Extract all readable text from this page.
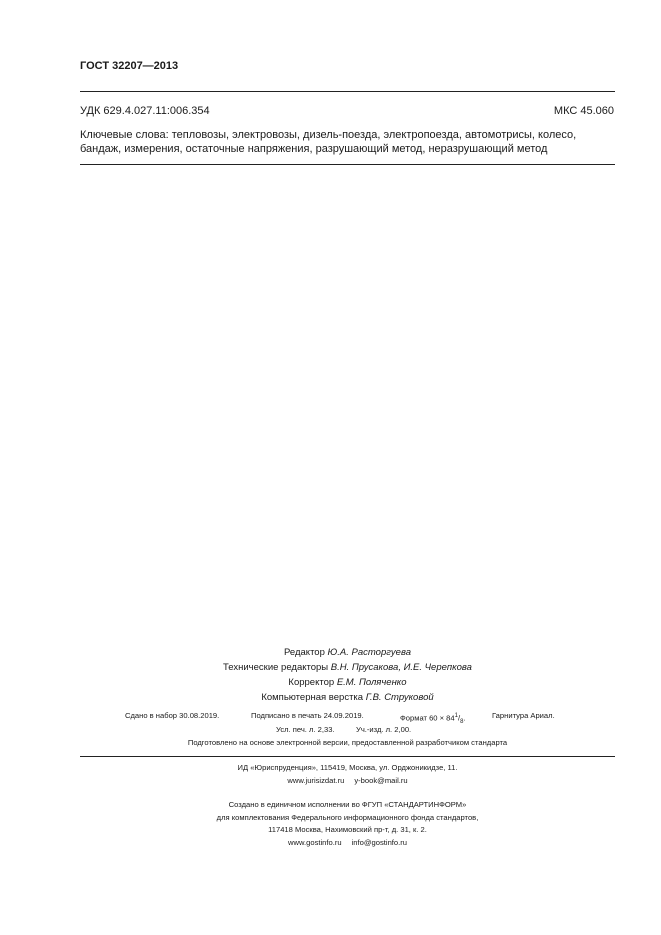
ГОСТ 32207—2013
УДК 629.4.027.11:006.354	МКС 45.060
Ключевые слова: тепловозы, электровозы, дизель-поезда, электропоезда, автомотрисы, колесо, бандаж, измерения, остаточные напряжения, разрушающий метод, неразрушающий метод
Редактор Ю.А. Расторгуева
Технические редакторы В.Н. Прусакова, И.Е. Черепкова
Корректор Е.М. Поляченко
Компьютерная верстка Г.В. Струковой
Сдано в набор 30.08.2019.	Подписано в печать 24.09.2019.	Формат $60 \times 84^1/_8$.	Гарнитура Ариал.
Усл. печ. л. 2,33.	Уч.-изд. л. 2,00.
Подготовлено на основе электронной версии, предоставленной разработчиком стандарта
ИД «Юриспруденция», 115419, Москва, ул. Орджоникидзе, 11.
www.jurisizdat.ru y-book@mail.ru
Создано в единичном исполнении во ФГУП «СТАНДАРТИНФОРМ»
для комплектования Федерального информационного фонда стандартов,
117418 Москва, Нахимовский пр-т, д. 31, к. 2.
www.gostinfo.ru info@gostinfo.ru
